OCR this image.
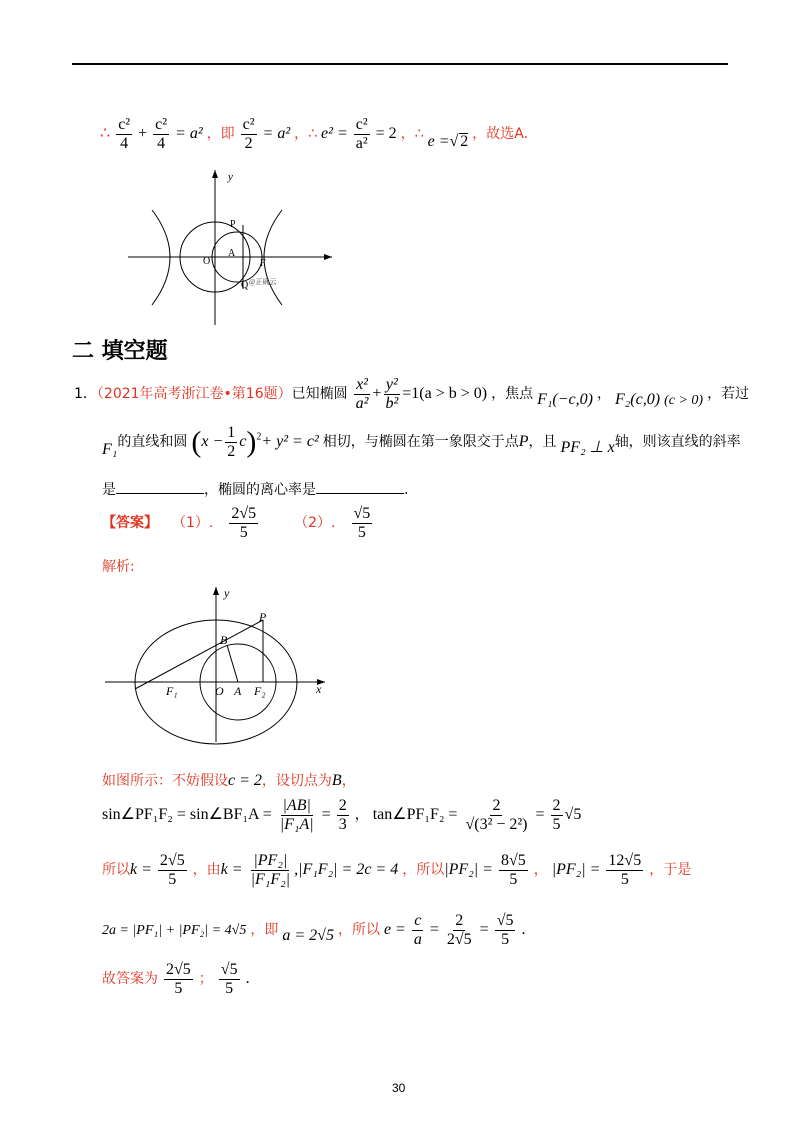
∴ $\frac{\text{c²}}{4} + \frac{\text{c²}}{4} = a^2$ ，即 $\frac{\text{c²}}{2} = a^2$ ，∴ $e^2 = \frac{\text{c²}}{\text{a²}} = 2$ ，∴ e =√ 2 ，故选A.
y
O
A
F
P
Q @正确云
二 填空题
1．（2021年高考浙江卷•第16题）已知椭圆 $\frac{\text{x²}}{\text{a²}} + \frac{\text{y²}}{\text{b²}} =1(a > b > 0)$ ，焦点 F₁(−c,0) ， F₂(c,0) (c > 0) ，若过
F₁的直线和圆 $(x - \frac{1}{2} c)^2+ y^2 = c^2$ 相切，与椭圆在第一象限交于点P，且 PF₂ ⊥ x轴，则该直线的斜率
是	，椭圆的离心率是	.
【答案】 （1）. $\frac{2√5}{5}$	（2）. $\frac{√5}{5}$
解析:
y
x
O A
B
P
F₁	F₂
如图所示：不妨假设c = 2，设切点为B，
sin∠PF₁F₂ = sin∠BF₁A = $\frac{|AB|}{\text{|F₁A|}} = \frac{2}{3}$ ， tan∠PF₁F₂ = $\frac{2}{\text{√(3² − 2²)}} = \frac{2}{5} √5$
所以$k = \frac{2√5}{5}$ ，由$k = \frac{\text{|PF₂|}}{\text{|F₁F₂|}} ,|F_1F_2| = 2c = 4$ ，所以$|PF_2| = \frac{8√5}{5}$ ， $|PF_2| = \frac{12√5}{5}$ ，于是
2a = |PF₁| + |PF₂| = 4√5 ，即 a = 2√5 ，所以 $e = \frac{c}{a} = \frac{2}{2√5} = \frac{√5}{5}$ .
故答案为 $\frac{2√5}{5}$ ； $\frac{√5}{5}$ .
30
